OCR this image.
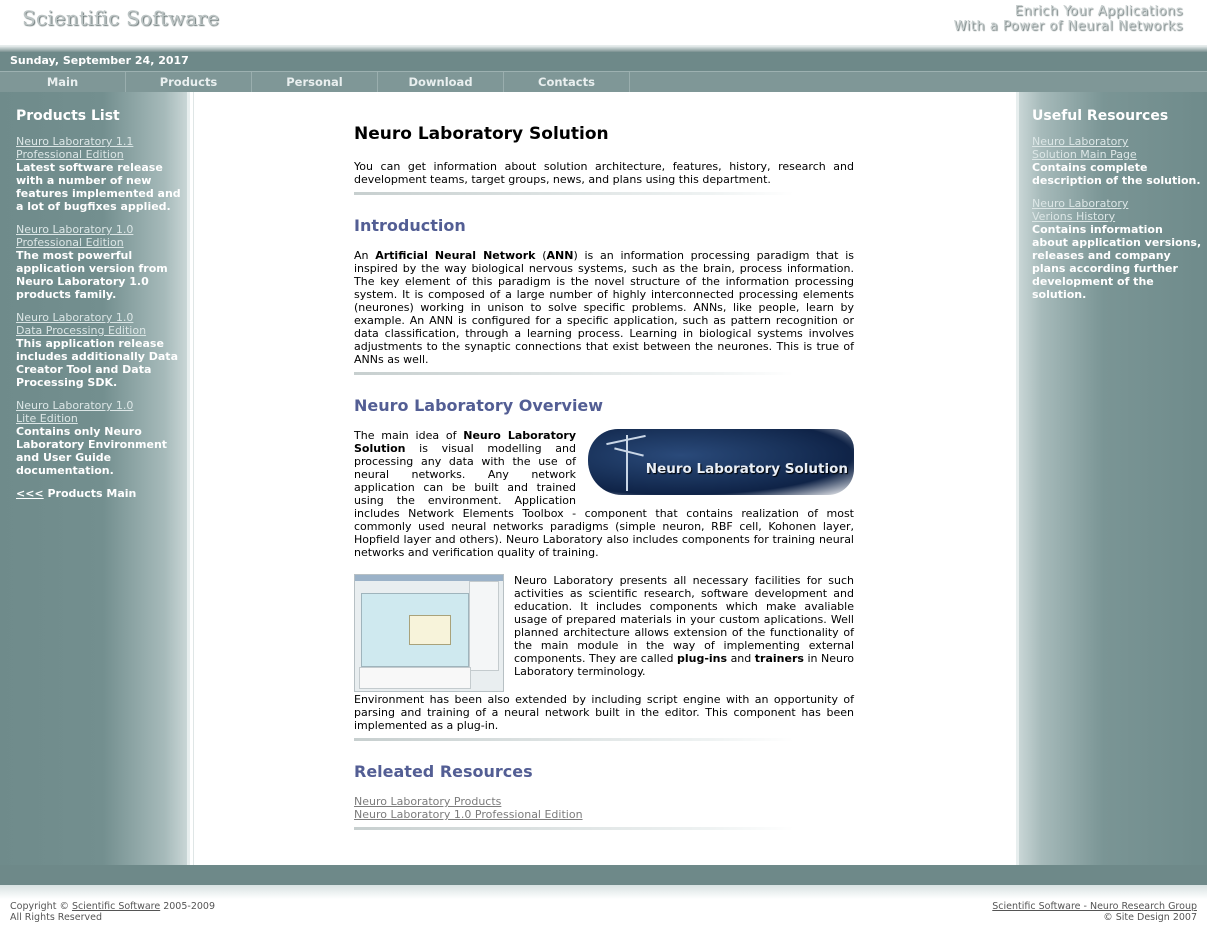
Scientific Software	Enrich Your Applications
With a Power of Neural Networks
Sunday, September 24, 2017
Main	Products	Personal	Download	Contacts
Products List
Neuro Laboratory 1.1
Professional Edition
Latest software release with a number of new features implemented and a lot of bugfixes applied.
Neuro Laboratory 1.0
Professional Edition
The most powerful application version from Neuro Laboratory 1.0 products family.
Neuro Laboratory 1.0
Data Processing Edition
This application release includes additionally Data Creator Tool and Data Processing SDK.
Neuro Laboratory 1.0
Lite Edition
Contains only Neuro Laboratory Environment and User Guide documentation.
<<< Products Main
Neuro Laboratory Solution
You can get information about solution architecture, features, history, research and development teams, target groups, news, and plans using this department.
Introduction
An Artificial Neural Network (ANN) is an information processing paradigm that is inspired by the way biological nervous systems, such as the brain, process information. The key element of this paradigm is the novel structure of the information processing system. It is composed of a large number of highly interconnected processing elements (neurones) working in unison to solve specific problems. ANNs, like people, learn by example. An ANN is configured for a specific application, such as pattern recognition or data classification, through a learning process. Learning in biological systems involves adjustments to the synaptic connections that exist between the neurones. This is true of ANNs as well.
Neuro Laboratory Overview
Neuro Laboratory Solution
The main idea of Neuro Laboratory Solution is visual modelling and processing any data with the use of neural networks. Any network application can be built and trained using the environment. Application includes Network Elements Toolbox - component that contains realization of most commonly used neural networks paradigms (simple neuron, RBF cell, Kohonen layer, Hopfield layer and others). Neuro Laboratory also includes components for training neural networks and verification quality of training.
Neuro Laboratory presents all necessary facilities for such activities as scientific research, software development and education. It includes components which make avaliable usage of prepared materials in your custom aplications. Well planned architecture allows extension of the functionality of the main module in the way of implementing external components. They are called plug-ins and trainers in Neuro Laboratory terminology.
Environment has been also extended by including script engine with an opportunity of parsing and training of a neural network built in the editor. This component has been implemented as a plug-in.
Releated Resources
Neuro Laboratory Products
Neuro Laboratory 1.0 Professional Edition
Useful Resources
Neuro Laboratory
Solution Main Page
Contains complete description of the solution.
Neuro Laboratory
Verions History
Contains information about application versions, releases and company plans according further development of the solution.
Copyright © Scientific Software 2005-2009
All Rights Reserved
Scientific Software - Neuro Research Group
© Site Design 2007
